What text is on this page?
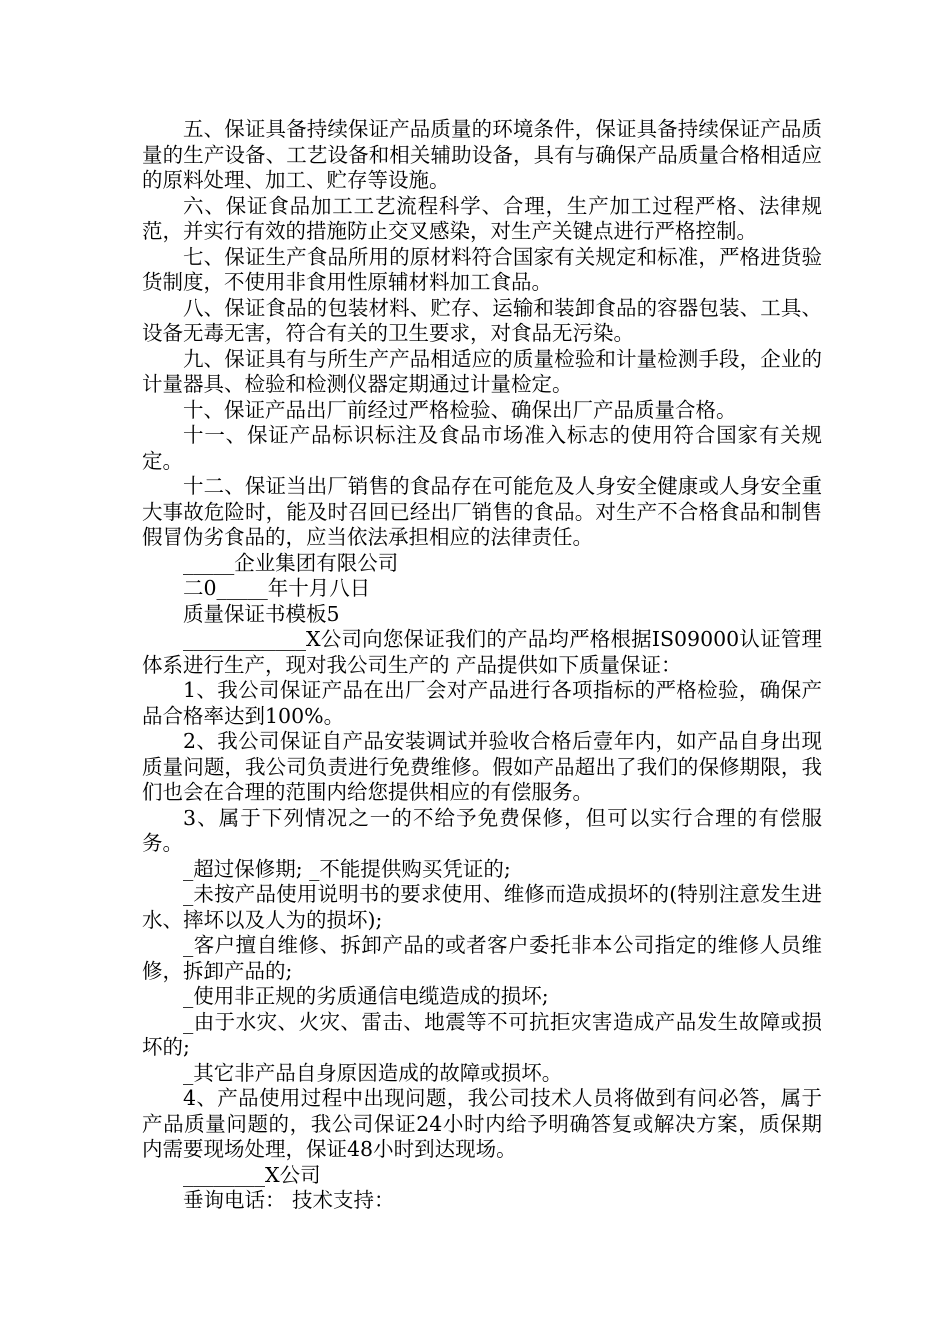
五、保证具备持续保证产品质量的环境条件，保证具备持续保证产品质量的生产设备、工艺设备和相关辅助设备，具有与确保产品质量合格相适应的原料处理、加工、贮存等设施。

六、保证食品加工工艺流程科学、合理，生产加工过程严格、法律规范，并实行有效的措施防止交叉感染，对生产关键点进行严格控制。

七、保证生产食品所用的原材料符合国家有关规定和标准，严格进货验货制度，不使用非食用性原辅材料加工食品。

八、保证食品的包装材料、贮存、运输和装卸食品的容器包装、工具、设备无毒无害，符合有关的卫生要求，对食品无污染。

九、保证具有与所生产产品相适应的质量检验和计量检测手段，企业的计量器具、检验和检测仪器定期通过计量检定。

十、保证产品出厂前经过严格检验、确保出厂产品质量合格。

十一、保证产品标识标注及食品市场准入标志的使用符合国家有关规定。

十二、保证当出厂销售的食品存在可能危及人身安全健康或人身安全重大事故危险时，能及时召回已经出厂销售的食品。对生产不合格食品和制售假冒伪劣食品的，应当依法承担相应的法律责任。

_____企业集团有限公司

二0_____年十月八日

质量保证书模板5

____________X公司向您保证我们的产品均严格根据IS09000认证管理体系进行生产，现对我公司生产的 产品提供如下质量保证：

1、我公司保证产品在出厂会对产品进行各项指标的严格检验，确保产品合格率达到100%。

2、我公司保证自产品安装调试并验收合格后壹年内，如产品自身出现质量问题，我公司负责进行免费维修。假如产品超出了我们的保修期限，我们也会在合理的范围内给您提供相应的有偿服务。

3、属于下列情况之一的不给予免费保修，但可以实行合理的有偿服务。

_超过保修期; _不能提供购买凭证的;

_未按产品使用说明书的要求使用、维修而造成损坏的(特别注意发生进水、摔坏以及人为的损坏);

_客户擅自维修、拆卸产品的或者客户委托非本公司指定的维修人员维修，拆卸产品的;

_使用非正规的劣质通信电缆造成的损坏;

_由于水灾、火灾、雷击、地震等不可抗拒灾害造成产品发生故障或损坏的;

_其它非产品自身原因造成的故障或损坏。

4、产品使用过程中出现问题，我公司技术人员将做到有问必答，属于产品质量问题的，我公司保证24小时内给予明确答复或解决方案，质保期内需要现场处理，保证48小时到达现场。

________X公司

垂询电话： 技术支持：
